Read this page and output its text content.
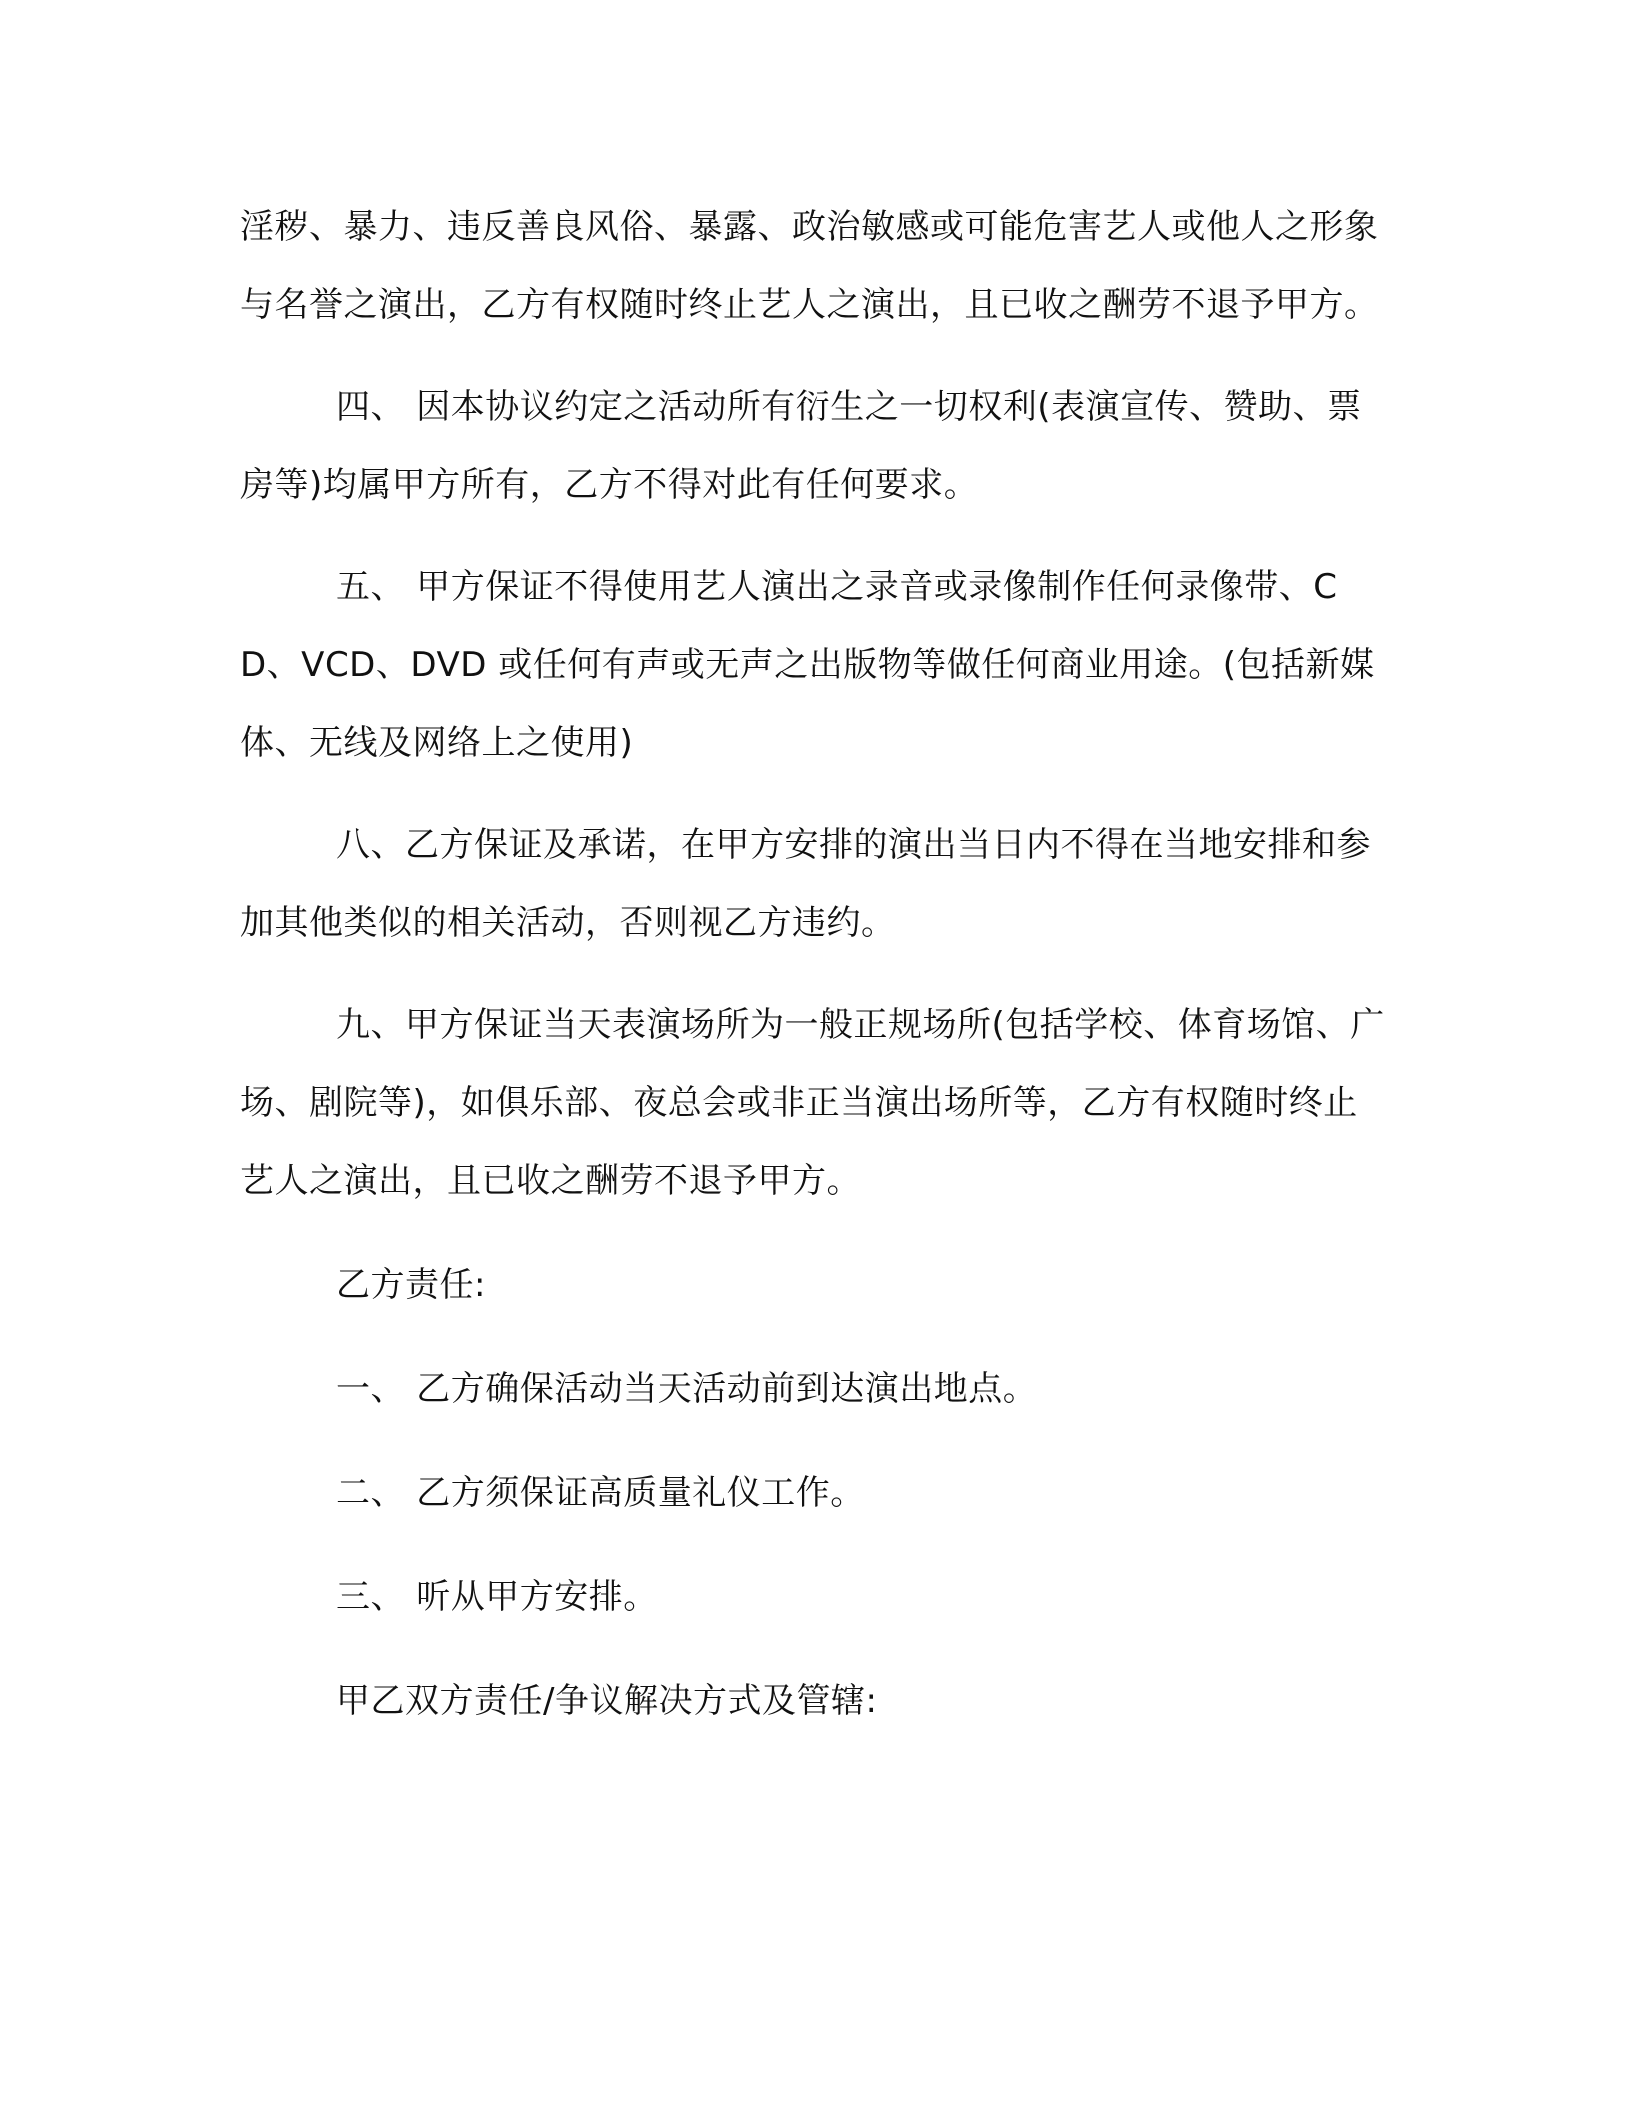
淫秽、暴力、违反善良风俗、暴露、政治敏感或可能危害艺人或他人之形象与名誉之演出，乙方有权随时终止艺人之演出，且已收之酬劳不退予甲方。

四、 因本协议约定之活动所有衍生之一切权利(表演宣传、赞助、票房等)均属甲方所有，乙方不得对此有任何要求。

五、 甲方保证不得使用艺人演出之录音或录像制作任何录像带、CD、VCD、DVD 或任何有声或无声之出版物等做任何商业用途。(包括新媒体、无线及网络上之使用)

八、乙方保证及承诺，在甲方安排的演出当日内不得在当地安排和参加其他类似的相关活动，否则视乙方违约。

九、甲方保证当天表演场所为一般正规场所(包括学校、体育场馆、广场、剧院等)，如俱乐部、夜总会或非正当演出场所等，乙方有权随时终止艺人之演出，且已收之酬劳不退予甲方。

乙方责任:

一、 乙方确保活动当天活动前到达演出地点。

二、 乙方须保证高质量礼仪工作。

三、 听从甲方安排。

甲乙双方责任/争议解决方式及管辖:
